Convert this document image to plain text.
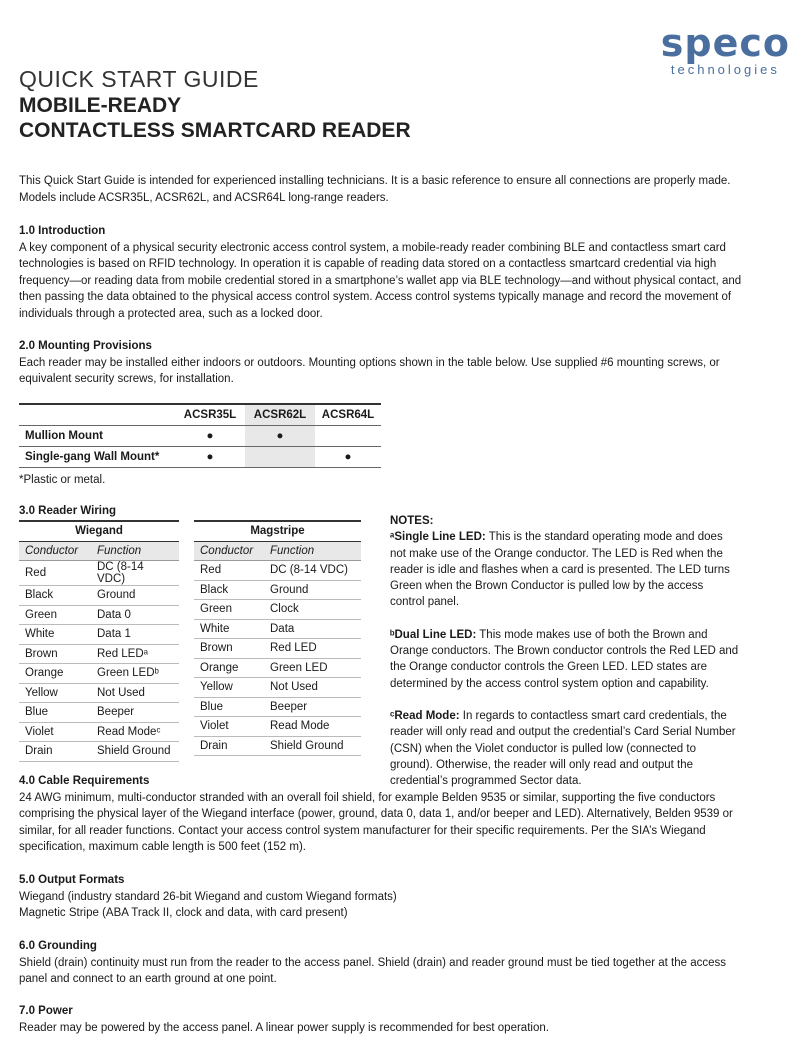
speco
technologies
QUICK START GUIDE
MOBILE-READY
CONTACTLESS SMARTCARD READER
This Quick Start Guide is intended for experienced installing technicians. It is a basic reference to ensure all connections are properly made.
Models include ACSR35L, ACSR62L, and ACSR64L long-range readers.
1.0 Introduction
A key component of a physical security electronic access control system, a mobile-ready reader combining BLE and contactless smart card technologies is based on RFID technology. In operation it is capable of reading data stored on a contactless smartcard credential via high frequency—or reading data from mobile credential stored in a smartphone’s wallet app via BLE technology—and without physical contact, and then passing the data obtained to the physical access control system. Access control systems typically manage and record the movement of individuals through a protected area, such as a locked door.
2.0 Mounting Provisions
Each reader may be installed either indoors or outdoors. Mounting options shown in the table below. Use supplied #6 mounting screws, or equivalent security screws, for installation.
	ACSR35L	ACSR62L	ACSR64L
Mullion Mount	●	●	
Single-gang Wall Mount*	●		●
*Plastic or metal.
3.0 Reader Wiring
Wiegand	
Conductor	Function
Red	DC (8-14 VDC)
Black	Ground
Green	Data 0
White	Data 1
Brown	Red LEDᵃ
Orange	Green LEDᵇ
Yellow	Not Used
Blue	Beeper
Violet	Read Modeᶜ
Drain	Shield Ground
Magstripe	
Conductor	Function
Red	DC (8-14 VDC)
Black	Ground
Green	Clock
White	Data
Brown	Red LED
Orange	Green LED
Yellow	Not Used
Blue	Beeper
Violet	Read Mode
Drain	Shield Ground
NOTES:

ᵃSingle Line LED: This is the standard operating mode and does not make use of the Orange conductor. The LED is Red when the reader is idle and flashes when a card is presented. The LED turns Green when the Brown Conductor is pulled low by the access control panel.

ᵇDual Line LED: This mode makes use of both the Brown and Orange conductors. The Brown conductor controls the Red LED and the Orange conductor controls the Green LED. LED states are determined by the access control system option and capability.

ᶜRead Mode: In regards to contactless smart card credentials, the reader will only read and output the credential’s Card Serial Number (CSN) when the Violet conductor is pulled low (connected to ground). Otherwise, the reader will only read and output the credential’s programmed Sector data.

4.0 Cable Requirements
24 AWG minimum, multi-conductor stranded with an overall foil shield, for example Belden 9535 or similar, supporting the five conductors comprising the physical layer of the Wiegand interface (power, ground, data 0, data 1, and/or beeper and LED). Alternatively, Belden 9539 or similar, for all reader functions. Contact your access control system manufacturer for their specific requirements. Per the SIA’s Wiegand specification, maximum cable length is 500 feet (152 m).
5.0 Output Formats
Wiegand (industry standard 26-bit Wiegand and custom Wiegand formats)
Magnetic Stripe (ABA Track II, clock and data, with card present)
6.0 Grounding
Shield (drain) continuity must run from the reader to the access panel. Shield (drain) and reader ground must be tied together at the access panel and connect to an earth ground at one point.
7.0 Power
Reader may be powered by the access panel. A linear power supply is recommended for best operation.
